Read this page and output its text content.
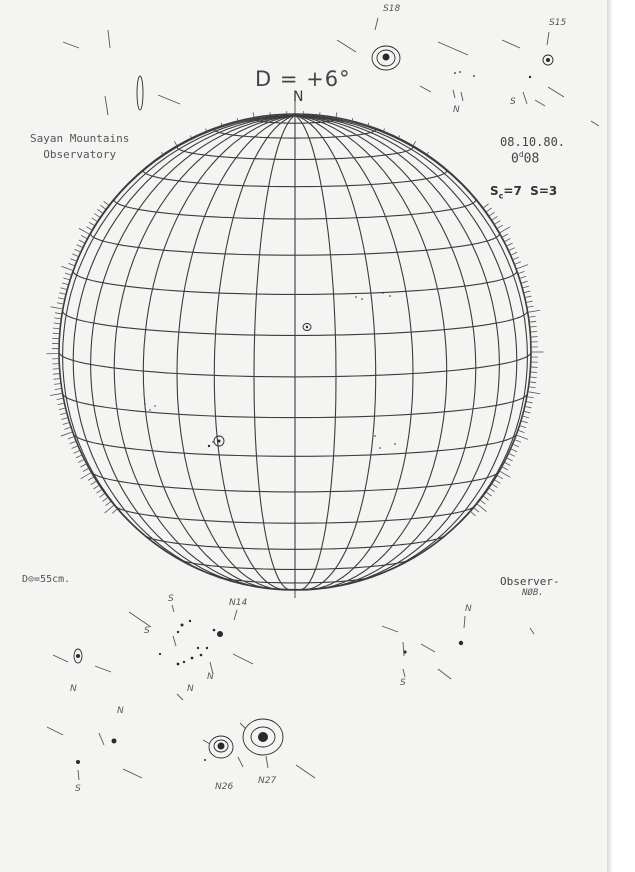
D = +6°
N
Sayan Mountains
Observatory
08.10.80.
0$^d$08
$S_c=7$ S=3
D⊙=55cm.	Observer-
NØB.
S18
S15
N14
N26
N27
S
S
S
S
S
N
N
N
N
N
N
